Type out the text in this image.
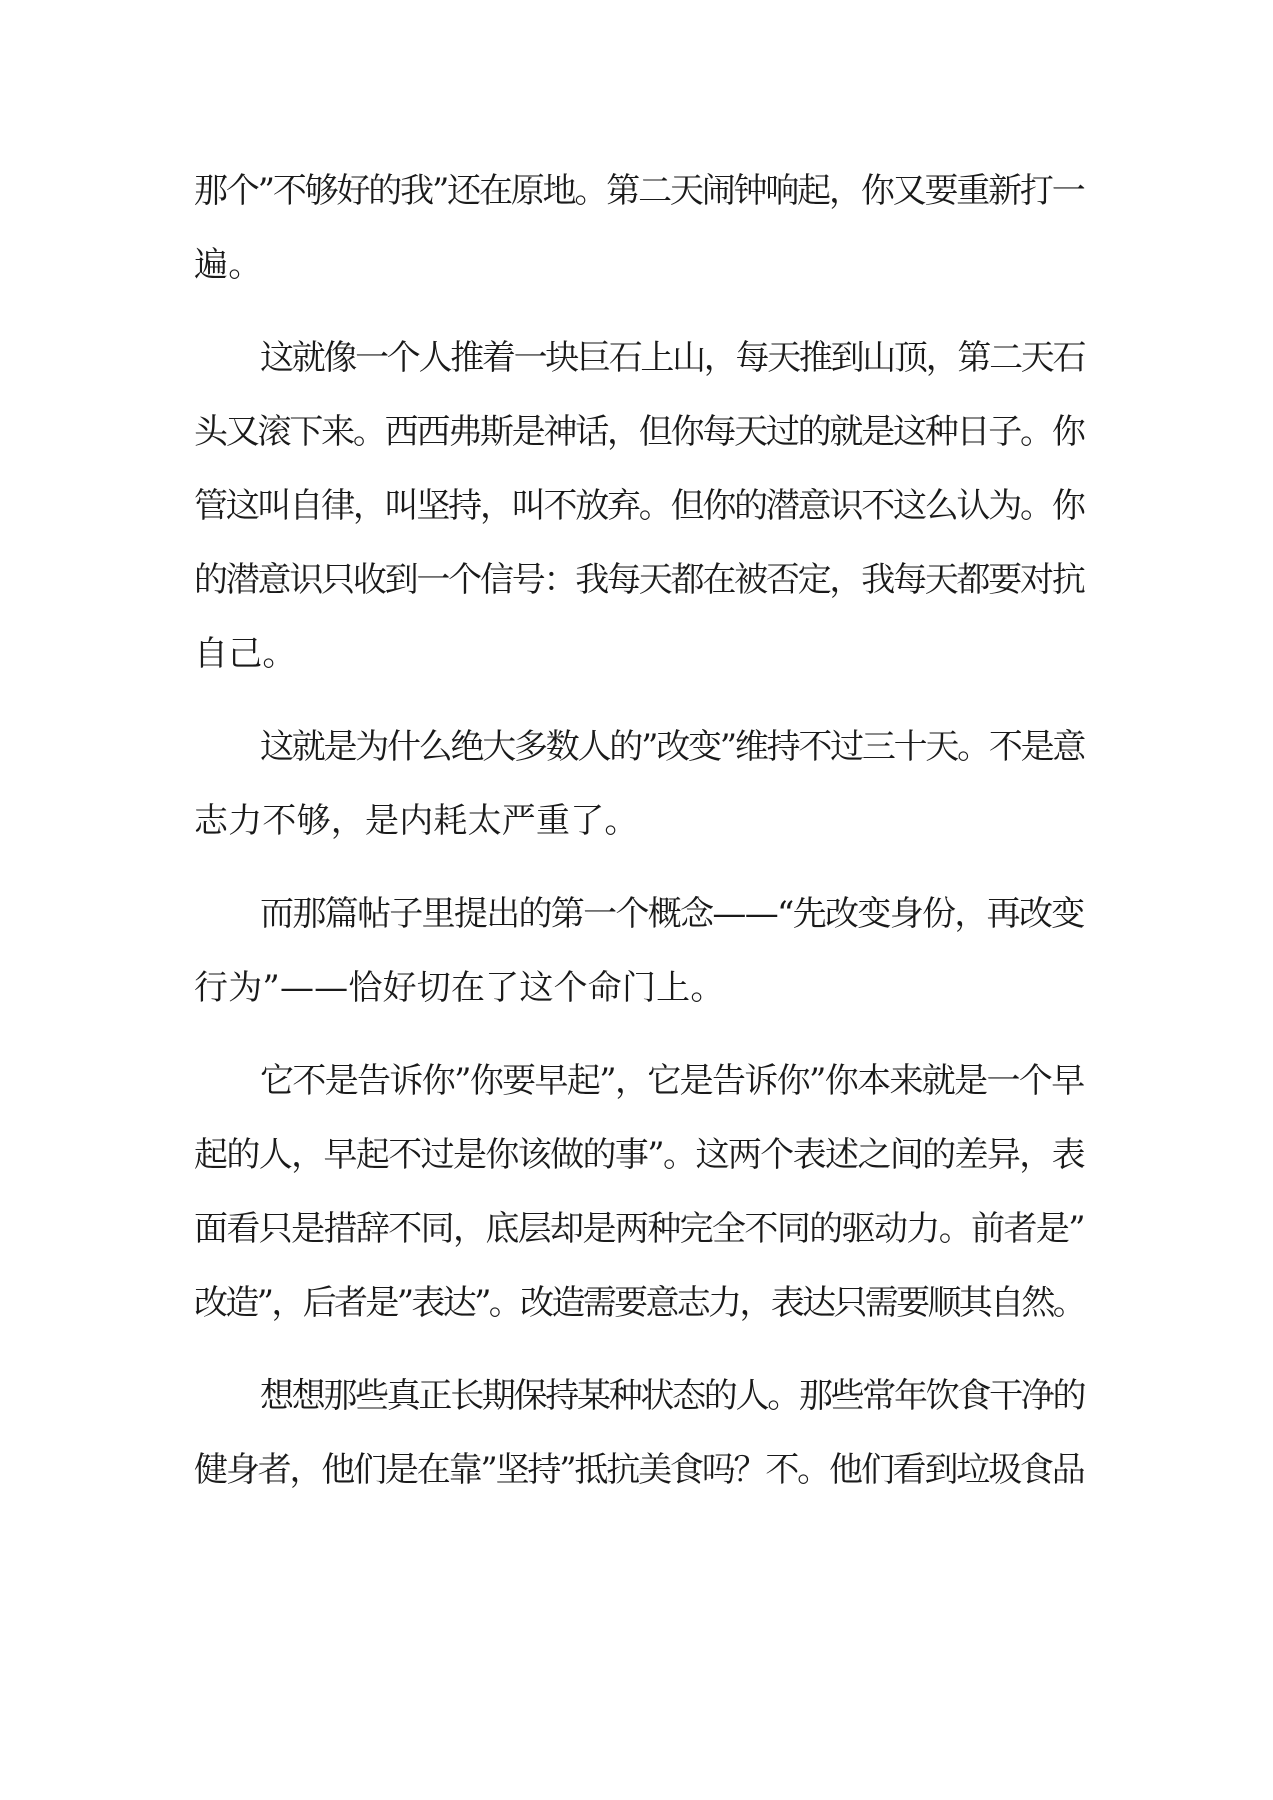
那个”不够好的我”还在原地。第二天闹钟响起，你又要重新打一
遍。
这就像一个人推着一块巨石上山，每天推到山顶，第二天石
头又滚下来。西西弗斯是神话，但你每天过的就是这种日子。你
管这叫自律，叫坚持，叫不放弃。但你的潜意识不这么认为。你
的潜意识只收到一个信号：我每天都在被否定，我每天都要对抗
自己。
这就是为什么绝大多数人的”改变”维持不过三十天。不是意
志力不够，是内耗太严重了。
而那篇帖子里提出的第一个概念——“先改变身份，再改变
行为”——恰好切在了这个命门上。
它不是告诉你”你要早起”，它是告诉你”你本来就是一个早
起的人，早起不过是你该做的事”。这两个表述之间的差异，表
面看只是措辞不同，底层却是两种完全不同的驱动力。前者是”
改造”，后者是”表达”。改造需要意志力，表达只需要顺其自然。
想想那些真正长期保持某种状态的人。那些常年饮食干净的
健身者，他们是在靠”坚持”抵抗美食吗？不。他们看到垃圾食品
